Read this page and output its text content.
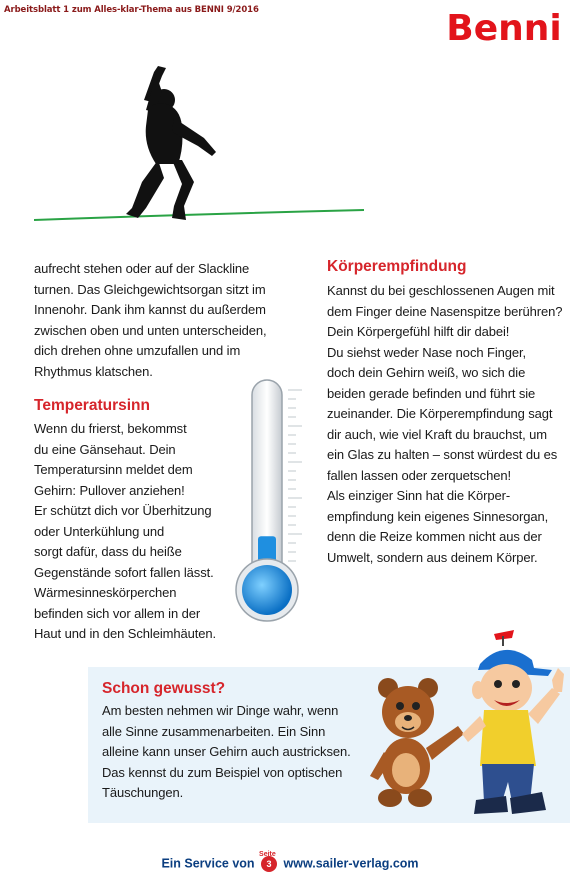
Arbeitsblatt 1 zum Alles-klar-Thema aus BENNI 9/2016	Benni
aufrecht stehen oder auf der Slackline
turnen. Das Gleichgewichtsorgan sitzt im
Innenohr. Dank ihm kannst du außerdem
zwischen oben und unten unterscheiden,
dich drehen ohne umzufallen und im
Rhythmus klatschen.
Temperatursinn
Wenn du frierst, bekommst
du eine Gänsehaut. Dein
Temperatursinn meldet dem
Gehirn: Pullover anziehen!
Er schützt dich vor Überhitzung
oder Unterkühlung und
sorgt dafür, dass du heiße
Gegenstände sofort fallen lässt.
Wärmesinneskörperchen
befinden sich vor allem in der
Haut und in den Schleimhäuten.
Körperempfindung
Kannst du bei geschlossenen Augen mit
dem Finger deine Nasenspitze berühren?
Dein Körpergefühl hilft dir dabei!
Du siehst weder Nase noch Finger,
doch dein Gehirn weiß, wo sich die
beiden gerade befinden und führt sie
zueinander. Die Körperempfindung sagt
dir auch, wie viel Kraft du brauchst, um
ein Glas zu halten – sonst würdest du es
fallen lassen oder zerquetschen!
Als einziger Sinn hat die Körper-
empfindung kein eigenes Sinnesorgan,
denn die Reize kommen nicht aus der
Umwelt, sondern aus deinem Körper.
Schon gewusst?
Am besten nehmen wir Dinge wahr, wenn
alle Sinne zusammenarbeiten. Ein Sinn
alleine kann unser Gehirn auch austricksen.
Das kennst du zum Beispiel von optischen
Täuschungen.
Ein Service von
Seite
3 www.sailer-verlag.com
